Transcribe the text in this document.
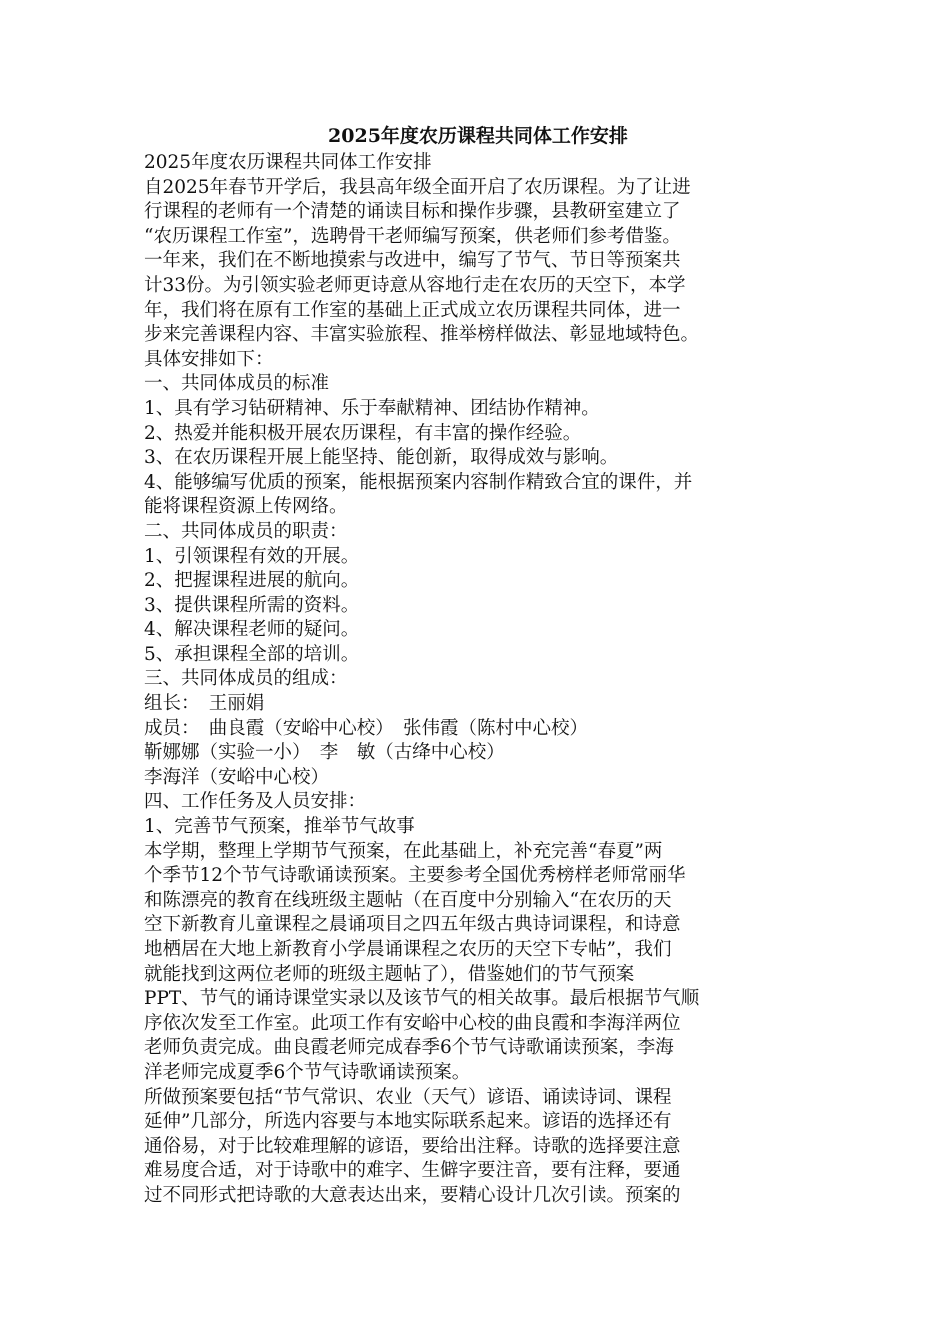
2025年度农历课程共同体工作安排
2025年度农历课程共同体工作安排
自2025年春节开学后，我县高年级全面开启了农历课程。为了让进
行课程的老师有一个清楚的诵读目标和操作步骤，县教研室建立了
“农历课程工作室”，选聘骨干老师编写预案，供老师们参考借鉴。
一年来，我们在不断地摸索与改进中，编写了节气、节日等预案共
计33份。为引领实验老师更诗意从容地行走在农历的天空下，本学
年，我们将在原有工作室的基础上正式成立农历课程共同体，进一
步来完善课程内容、丰富实验旅程、推举榜样做法、彰显地域特色。
具体安排如下：
一、共同体成员的标准
1、具有学习钻研精神、乐于奉献精神、团结协作精神。
2、热爱并能积极开展农历课程，有丰富的操作经验。
3、在农历课程开展上能坚持、能创新，取得成效与影响。
4、能够编写优质的预案，能根据预案内容制作精致合宜的课件，并
能将课程资源上传网络。
二、共同体成员的职责：
1、引领课程有效的开展。
2、把握课程进展的航向。
3、提供课程所需的资料。
4、解决课程老师的疑问。
5、承担课程全部的培训。
三、共同体成员的组成：
组长：　王丽娟
成员：　曲良霞（安峪中心校）　张伟霞（陈村中心校）
靳娜娜（实验一小）　李　敏（古绛中心校）
李海洋（安峪中心校）
四、工作任务及人员安排：
1、完善节气预案，推举节气故事
本学期，整理上学期节气预案，在此基础上，补充完善“春夏”两
个季节12个节气诗歌诵读预案。主要参考全国优秀榜样老师常丽华
和陈漂亮的教育在线班级主题帖（在百度中分别输入“在农历的天
空下新教育儿童课程之晨诵项目之四五年级古典诗词课程，和诗意
地栖居在大地上新教育小学晨诵课程之农历的天空下专帖”，我们
就能找到这两位老师的班级主题帖了），借鉴她们的节气预案
PPT、节气的诵诗课堂实录以及该节气的相关故事。最后根据节气顺
序依次发至工作室。此项工作有安峪中心校的曲良霞和李海洋两位
老师负责完成。曲良霞老师完成春季6个节气诗歌诵读预案，李海
洋老师完成夏季6个节气诗歌诵读预案。
所做预案要包括“节气常识、农业（天气）谚语、诵读诗词、课程
延伸”几部分，所选内容要与本地实际联系起来。谚语的选择还有
通俗易，对于比较难理解的谚语，要给出注释。诗歌的选择要注意
难易度合适，对于诗歌中的难字、生僻字要注音，要有注释，要通
过不同形式把诗歌的大意表达出来，要精心设计几次引读。预案的
